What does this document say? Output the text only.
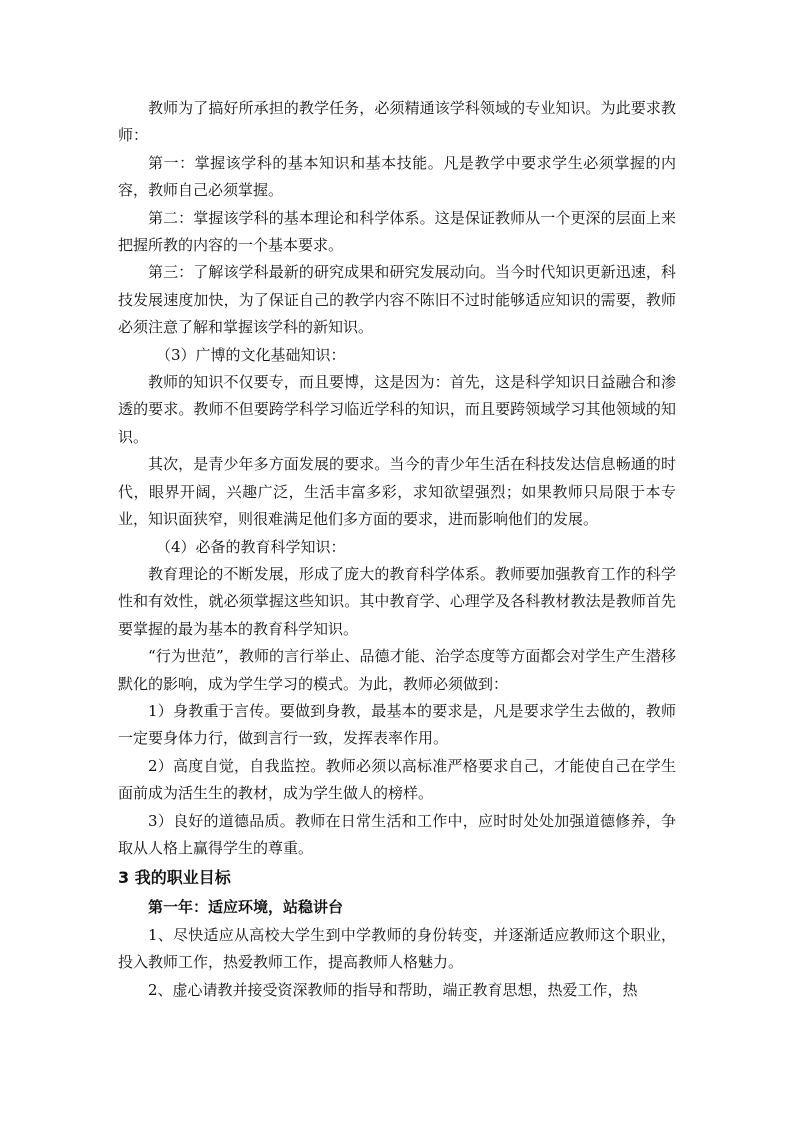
教师为了搞好所承担的教学任务，必须精通该学科领域的专业知识。为此要求教师：

第一：掌握该学科的基本知识和基本技能。凡是教学中要求学生必须掌握的内容，教师自己必须掌握。

第二：掌握该学科的基本理论和科学体系。这是保证教师从一个更深的层面上来把握所教的内容的一个基本要求。

第三：了解该学科最新的研究成果和研究发展动向。当今时代知识更新迅速，科技发展速度加快，为了保证自己的教学内容不陈旧不过时能够适应知识的需要，教师必须注意了解和掌握该学科的新知识。

（3）广博的文化基础知识：

教师的知识不仅要专，而且要博，这是因为：首先，这是科学知识日益融合和渗透的要求。教师不但要跨学科学习临近学科的知识，而且要跨领域学习其他领域的知识。

其次，是青少年多方面发展的要求。当今的青少年生活在科技发达信息畅通的时代，眼界开阔，兴趣广泛，生活丰富多彩，求知欲望强烈；如果教师只局限于本专业，知识面狭窄，则很难满足他们多方面的要求，进而影响他们的发展。

（4）必备的教育科学知识：

教育理论的不断发展，形成了庞大的教育科学体系。教师要加强教育工作的科学性和有效性，就必须掌握这些知识。其中教育学、心理学及各科教材教法是教师首先要掌握的最为基本的教育科学知识。

“行为世范”，教师的言行举止、品德才能、治学态度等方面都会对学生产生潜移默化的影响，成为学生学习的模式。为此，教师必须做到：

1）身教重于言传。要做到身教，最基本的要求是，凡是要求学生去做的，教师一定要身体力行，做到言行一致，发挥表率作用。

2）高度自觉，自我监控。教师必须以高标准严格要求自己，才能使自己在学生面前成为活生生的教材，成为学生做人的榜样。

3）良好的道德品质。教师在日常生活和工作中，应时时处处加强道德修养，争取从人格上赢得学生的尊重。

3 我的职业目标

第一年：适应环境，站稳讲台

1、尽快适应从高校大学生到中学教师的身份转变，并逐渐适应教师这个职业，投入教师工作，热爱教师工作，提高教师人格魅力。

2、虚心请教并接受资深教师的指导和帮助，端正教育思想，热爱工作，热
